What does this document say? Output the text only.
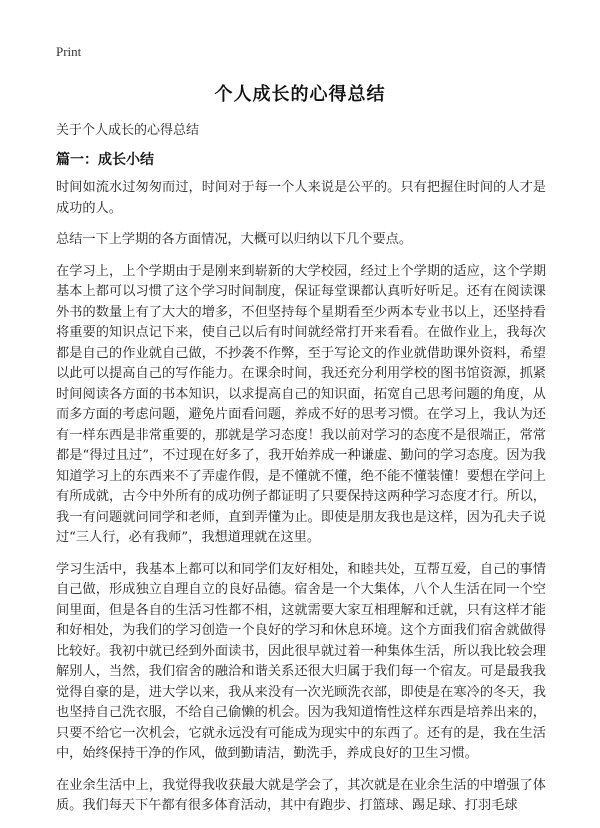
Print
个人成长的心得总结
关于个人成长的心得总结
篇一：成长小结

时间如流水过匆匆而过，时间对于每一个人来说是公平的。只有把握住时间的人才是成功的人。

总结一下上学期的各方面情况，大概可以归纳以下几个要点。

在学习上，上个学期由于是刚来到崭新的大学校园，经过上个学期的适应，这个学期基本上都可以习惯了这个学习时间制度，保证每堂课都认真听好听足。还有在阅读课外书的数量上有了大大的增多，不但坚持每个星期看至少两本专业书以上，还坚持看 将重要的知识点记下来，使自己以后有时间就经常打开来看看。在做作业上，我每次都是自己的作业就自己做，不抄袭不作弊，至于写论文的作业就借助课外资料，希望以此可以提高自己的写作能力。在课余时间，我还充分利用学校的图书馆资源，抓紧时间阅读各方面的书本知识，以求提高自己的知识面，拓宽自己思考问题的角度，从而多方面的考虑问题，避免片面看问题，养成不好的思考习惯。在学习上，我认为还有一样东西是非常重要的，那就是学习态度！我以前对学习的态度不是很端正，常常都是“得过且过”，不过现在好多了，我开始养成一种谦虚、勤问的学习态度。因为我知道学习上的东西来不了弄虚作假，是不懂就不懂，绝不能不懂装懂！要想在学问上有所成就，古今中外所有的成功例子都证明了只要保持这两种学习态度才行。所以，我一有问题就问同学和老师，直到弄懂为止。即使是朋友我也是这样，因为孔夫子说过“三人行，必有我师”，我想道理就在这里。

学习生活中，我基本上都可以和同学们友好相处，和睦共处，互帮互爱，自己的事情自己做，形成独立自理自立的良好品德。宿舍是一个大集体，八个人生活在同一个空间里面，但是各自的生活习性都不相，这就需要大家互相理解和迁就，只有这样才能和好相处，为我们的学习创造一个良好的学习和休息环境。这个方面我们宿舍就做得比较好。我初中就已经到外面读书，因此很早就过着一种集体生活，所以我比较会理解别人，当然，我们宿舍的融洽和谐关系还很大归属于我们每一个宿友。可是最我我觉得自豪的是，进大学以来，我从来没有一次光顾洗衣部，即使是在寒冷的冬天，我也坚持自己洗衣服，不给自己偷懒的机会。因为我知道惰性这样东西是培养出来的，只要不给它一次机会，它就永远没有可能成为现实中的东西了。还有的是，我在生活中，始终保持干净的作风，做到勤请洁，勤洗手，养成良好的卫生习惯。

在业余生活中上，我觉得我收获最大就是学会了，其次就是在业余生活的中增强了体质。我们每天下午都有很多体育活动，其中有跑步、打篮球、踢足球、打羽毛球
